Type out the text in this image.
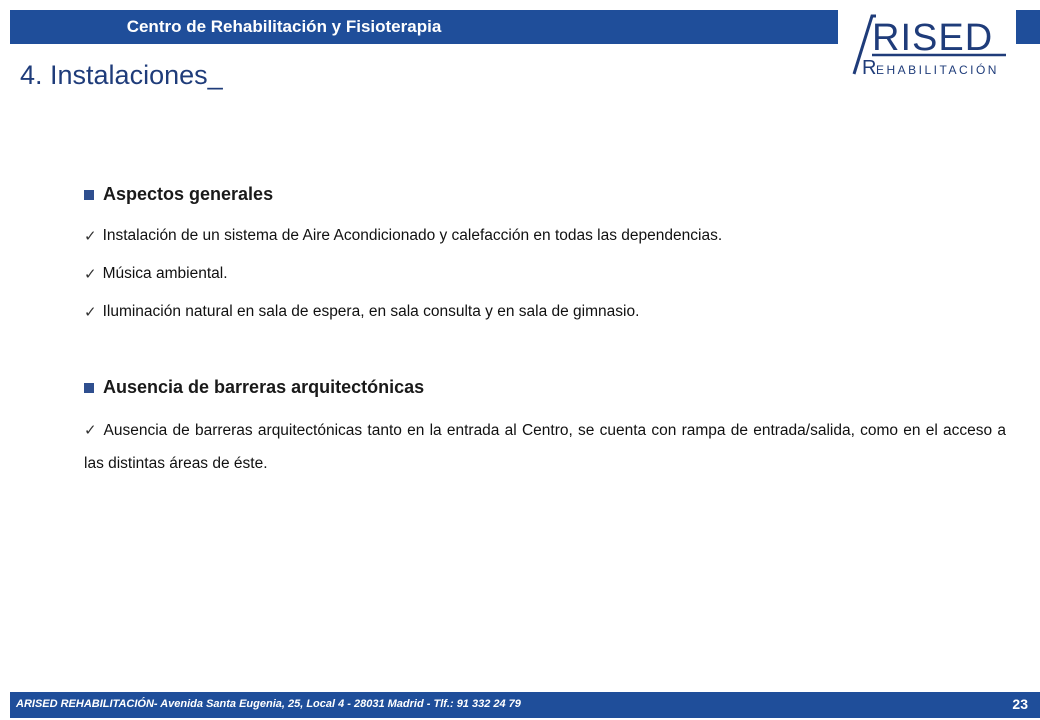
Centro de Rehabilitación y Fisioterapia	RISED
R EHABILITACIÓN
4. Instalaciones_
Aspectos generales
✓ Instalación de un sistema de Aire Acondicionado y calefacción en todas las dependencias.
✓ Música ambiental.
✓ Iluminación natural en sala de espera, en sala consulta y en sala de gimnasio.
Ausencia de barreras arquitectónicas
✓ Ausencia de barreras arquitectónicas tanto en la entrada al Centro, se cuenta con rampa de entrada/salida, como en el acceso a las distintas áreas de éste.
ARISED REHABILITACIÓN- Avenida Santa Eugenia, 25, Local 4 - 28031 Madrid - Tlf.: 91 332 24 79	23
